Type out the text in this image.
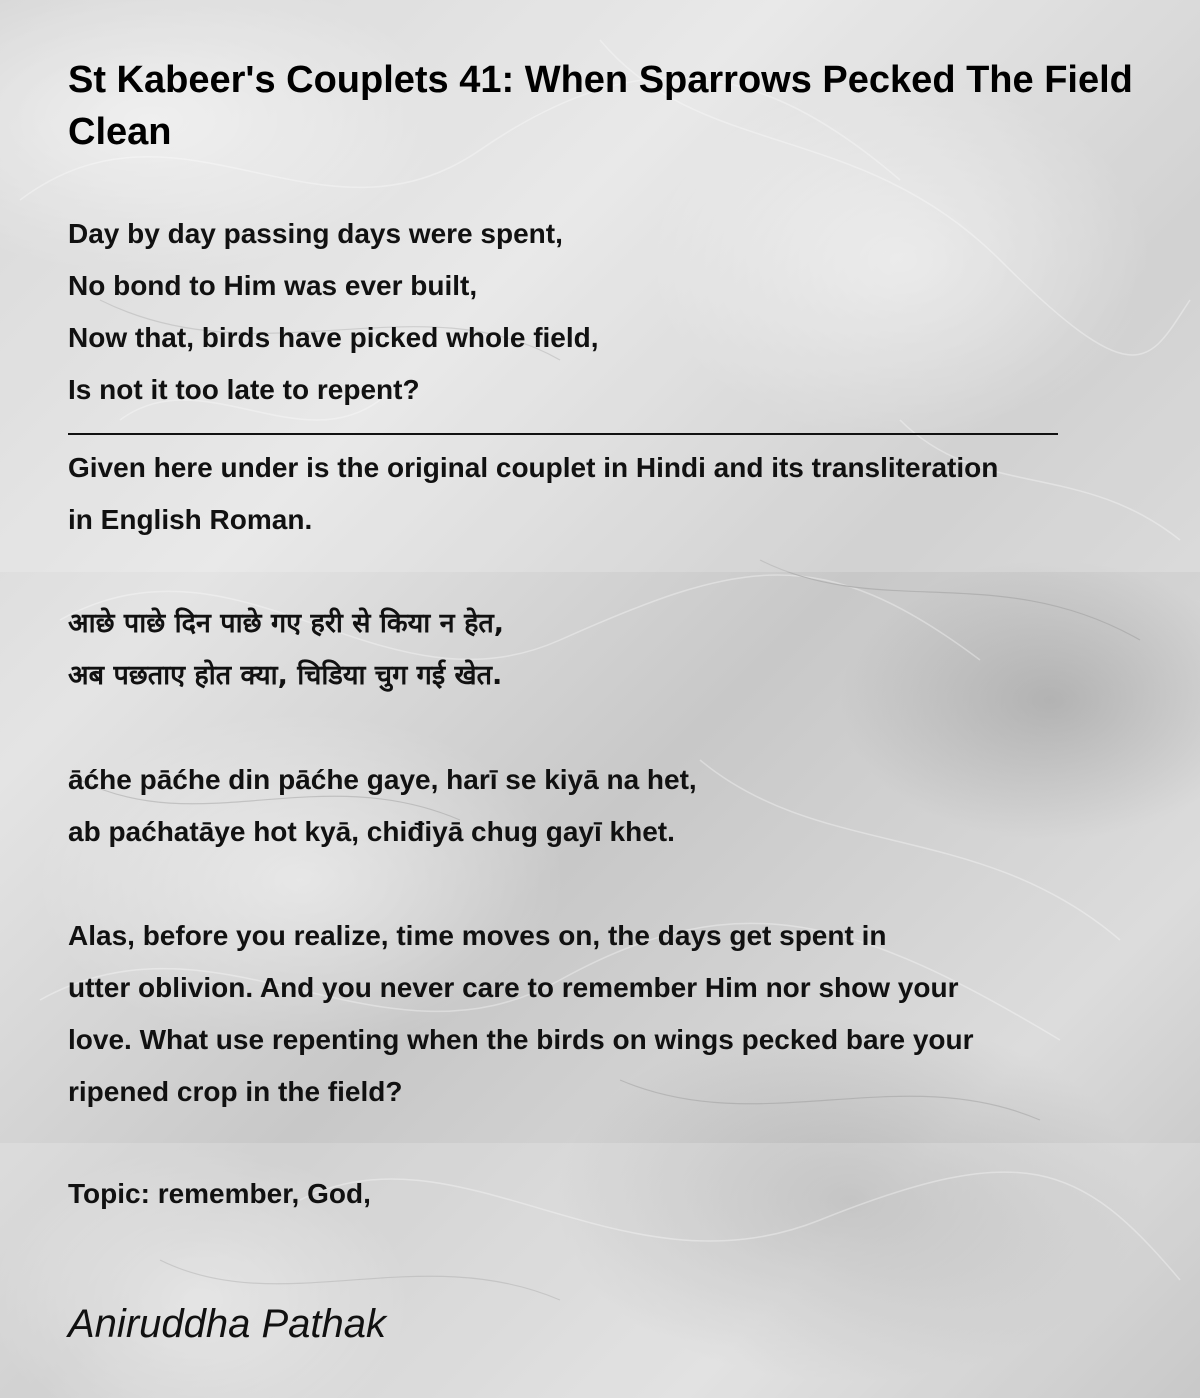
St Kabeer's Couplets 41: When Sparrows Pecked The Field Clean
Day by day passing days were spent,
No bond to Him was ever built,
Now that, birds have picked whole field,
Is not it too late to repent?
Given here under is the original couplet in Hindi and its transliteration
in English Roman.
आछे पाछे दिन पाछे गए हरी से किया न हेत,
अब पछताए होत क्या, चिडिया चुग गई खेत.
āćhe pāćhe din pāćhe gaye, harī se kiyā na het,
ab paćhatāye hot kyā, chiđiyā chug gayī khet.
Alas, before you realize, time moves on, the days get spent in
utter oblivion. And you never care to remember Him nor show your
love. What use repenting when the birds on wings pecked bare your
ripened crop in the field?
Topic: remember, God,
Aniruddha Pathak
